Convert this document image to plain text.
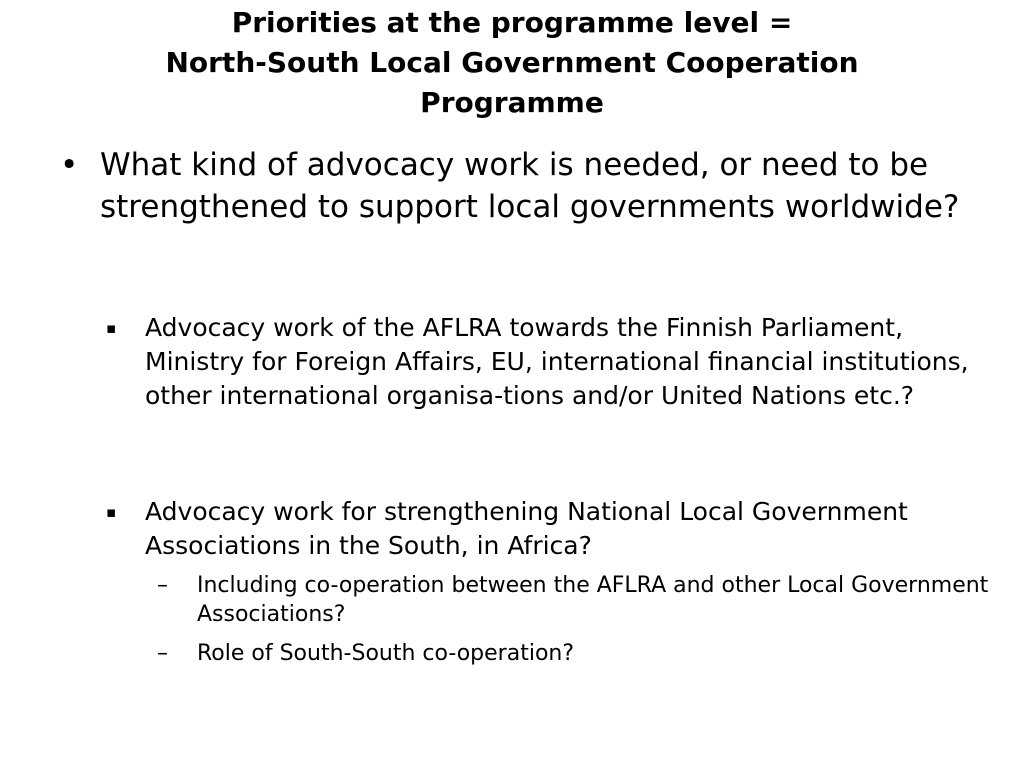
Priorities at the programme level =
North-South Local Government Cooperation
Programme
• What kind of advocacy work is needed, or need to be strengthened to support local governments worldwide?

▪ Advocacy work of the AFLRA towards the Finnish Parliament, Ministry for Foreign Affairs, EU, international financial institutions, other international organisa-tions and/or United Nations etc.?

▪ Advocacy work for strengthening National Local Government Associations in the South, in Africa?

– Including co-operation between the AFLRA and other Local Government Associations?

– Role of South-South co-operation?
